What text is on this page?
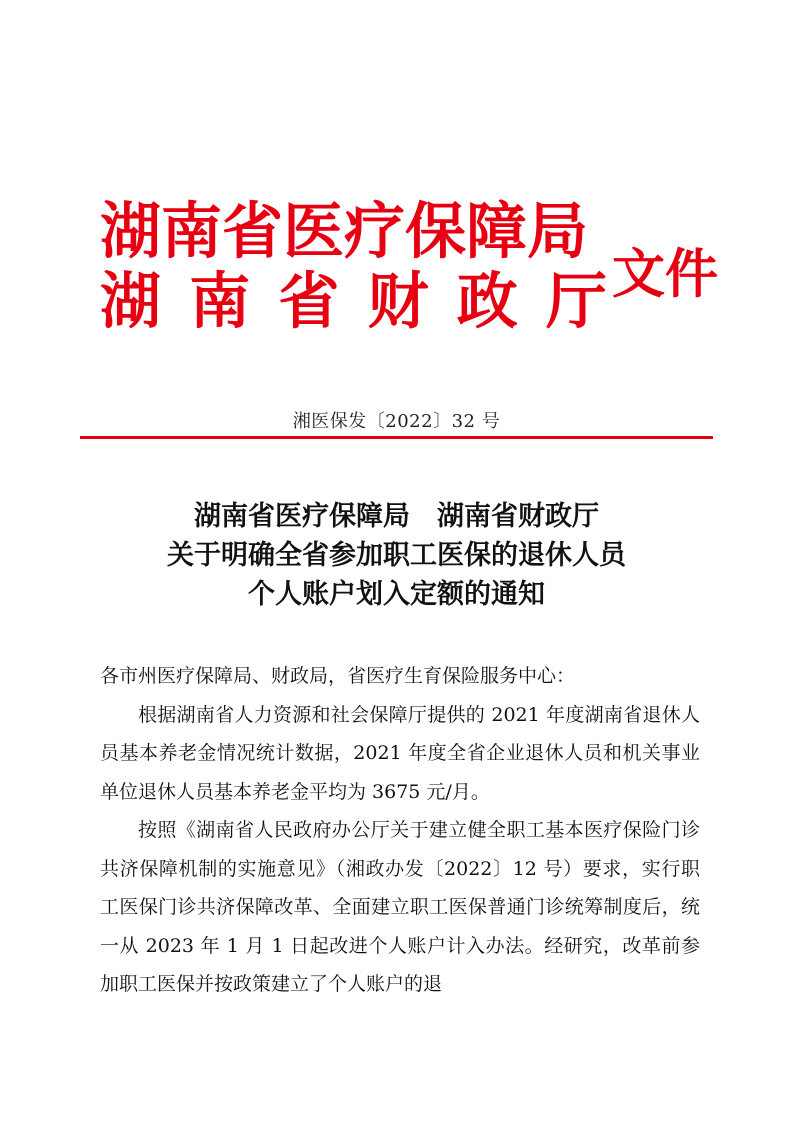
湖南省医疗保障局
湖 南 省 财 政 厅 文件
湘医保发〔2022〕32 号
湖南省医疗保障局　湖南省财政厅
关于明确全省参加职工医保的退休人员
个人账户划入定额的通知
各市州医疗保障局、财政局，省医疗生育保险服务中心：

根据湖南省人力资源和社会保障厅提供的 2021 年度湖南省退休人员基本养老金情况统计数据，2021 年度全省企业退休人员和机关事业单位退休人员基本养老金平均为 3675 元/月。

按照《湖南省人民政府办公厅关于建立健全职工基本医疗保险门诊共济保障机制的实施意见》（湘政办发〔2022〕12 号）要求，实行职工医保门诊共济保障改革、全面建立职工医保普通门诊统筹制度后，统一从 2023 年 1 月 1 日起改进个人账户计入办法。经研究，改革前参加职工医保并按政策建立了个人账户的退
